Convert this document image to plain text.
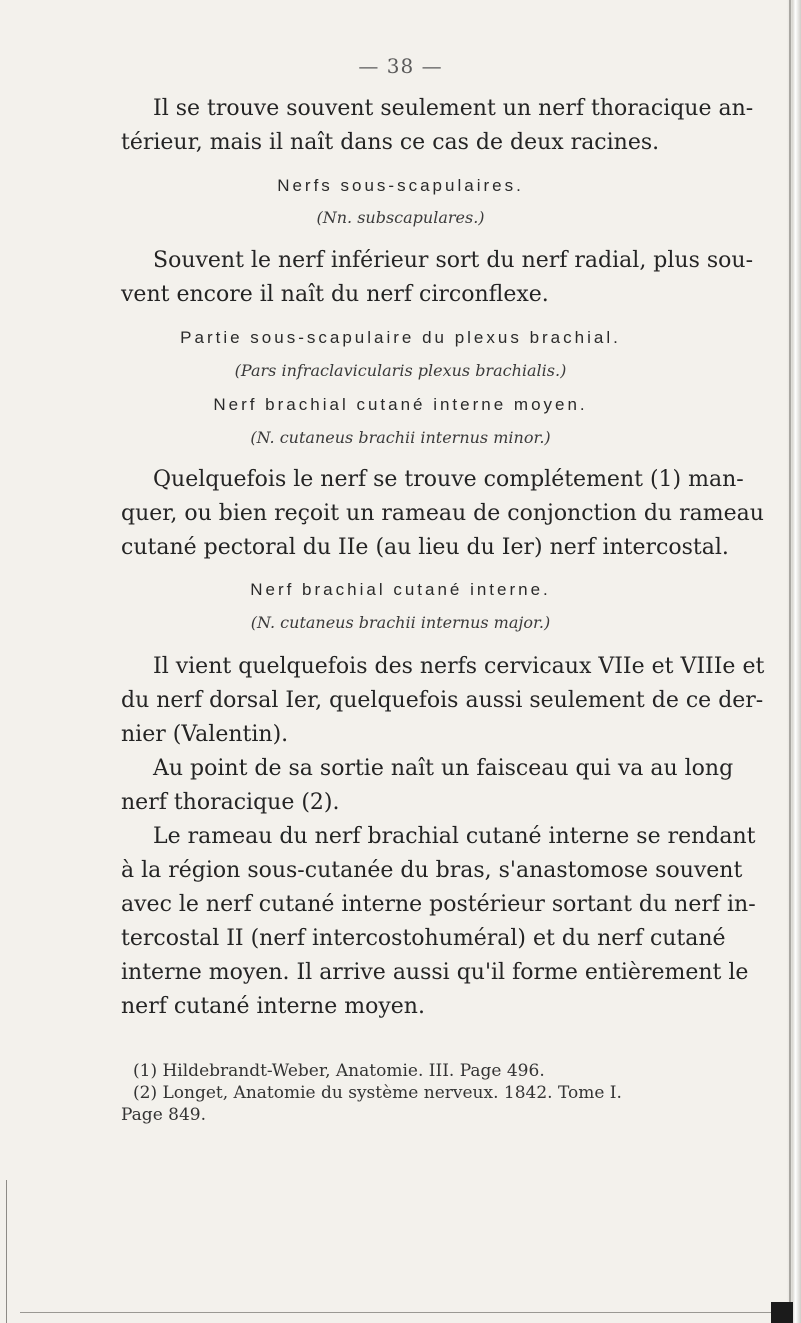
— 38 —

Il se trouve souvent seulement un nerf thoracique an-
térieur, mais il naît dans ce cas de deux racines.

Nerfs sous-scapulaires.

(Nn. subscapulares.)

Souvent le nerf inférieur sort du nerf radial, plus sou-
vent encore il naît du nerf circonflexe.

Partie sous-scapulaire du plexus brachial.

(Pars infraclavicularis plexus brachialis.)

Nerf brachial cutané interne moyen.

(N. cutaneus brachii internus minor.)

Quelquefois le nerf se trouve complétement (1) man-
quer, ou bien reçoit un rameau de conjonction du rameau
cutané pectoral du IIe (au lieu du Ier) nerf intercostal.

Nerf brachial cutané interne.

(N. cutaneus brachii internus major.)

Il vient quelquefois des nerfs cervicaux VIIe et VIIIe et
du nerf dorsal Ier, quelquefois aussi seulement de ce der-
nier (Valentin).
Au point de sa sortie naît un faisceau qui va au long
nerf thoracique (2).
Le rameau du nerf brachial cutané interne se rendant
à la région sous-cutanée du bras, s'anastomose souvent
avec le nerf cutané interne postérieur sortant du nerf in-
tercostal II (nerf intercostohuméral) et du nerf cutané
interne moyen. Il arrive aussi qu'il forme entièrement le
nerf cutané interne moyen.

(1) Hildebrandt-Weber, Anatomie. III. Page 496.
(2) Longet, Anatomie du système nerveux. 1842. Tome I.
Page 849.
